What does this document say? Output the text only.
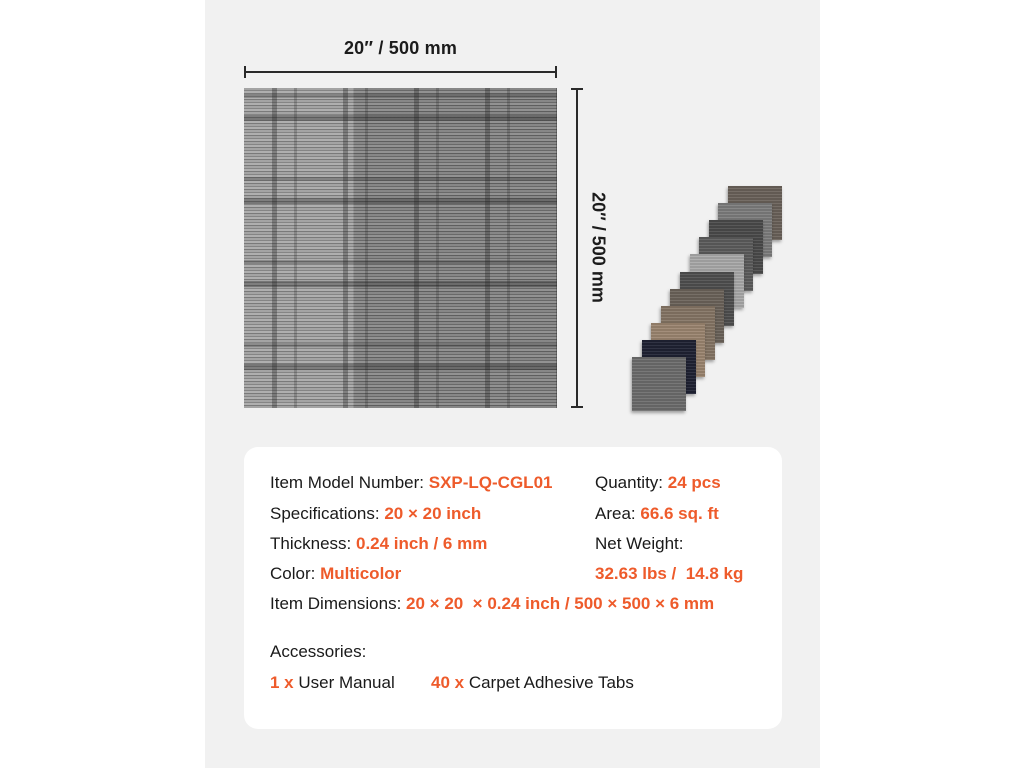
20″ / 500 mm
20″ / 500 mm
Item Model Number: SXP-LQ-CGL01	Quantity: 24 pcs
Specifications: 20 × 20 inch	Area: 66.6 sq. ft
Thickness: 0.24 inch / 6 mm	Net Weight:
Color: Multicolor	32.63 lbs /  14.8 kg
Item Dimensions: 20 × 20  × 0.24 inch / 500 × 500 × 6 mm
Accessories:
1 x User Manual 40 x Carpet Adhesive Tabs
